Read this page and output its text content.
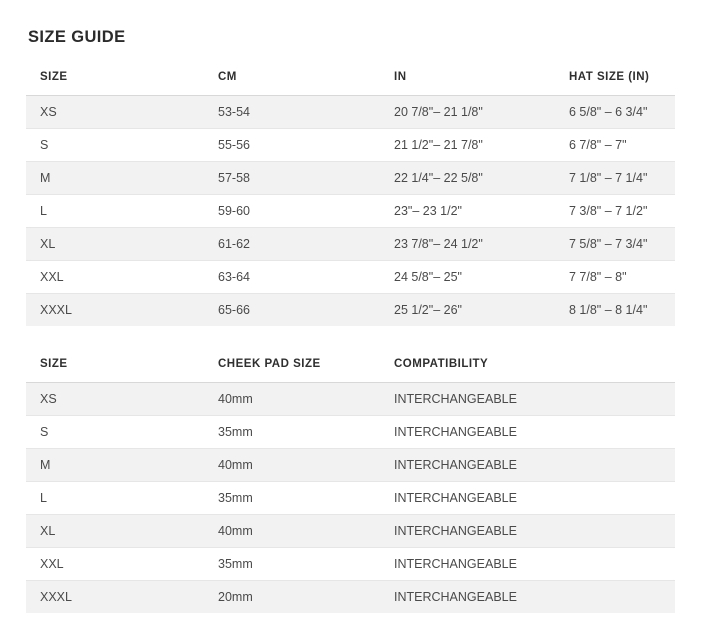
SIZE GUIDE
SIZE	CM	IN	HAT SIZE (IN)
XS	53-54	20 7/8"– 21 1/8"	6 5/8" – 6 3/4"
S	55-56	21 1/2"– 21 7/8"	6 7/8" – 7"
M	57-58	22 1/4"– 22 5/8"	7 1/8" – 7 1/4"
L	59-60	23"– 23 1/2"	7 3/8" – 7 1/2"
XL	61-62	23 7/8"– 24 1/2"	7 5/8" – 7 3/4"
XXL	63-64	24 5/8"– 25"	7 7/8" – 8"
XXXL	65-66	25 1/2"– 26"	8 1/8" – 8 1/4"
SIZE	CHEEK PAD SIZE	COMPATIBILITY
XS	40mm	INTERCHANGEABLE
S	35mm	INTERCHANGEABLE
M	40mm	INTERCHANGEABLE
L	35mm	INTERCHANGEABLE
XL	40mm	INTERCHANGEABLE
XXL	35mm	INTERCHANGEABLE
XXXL	20mm	INTERCHANGEABLE
